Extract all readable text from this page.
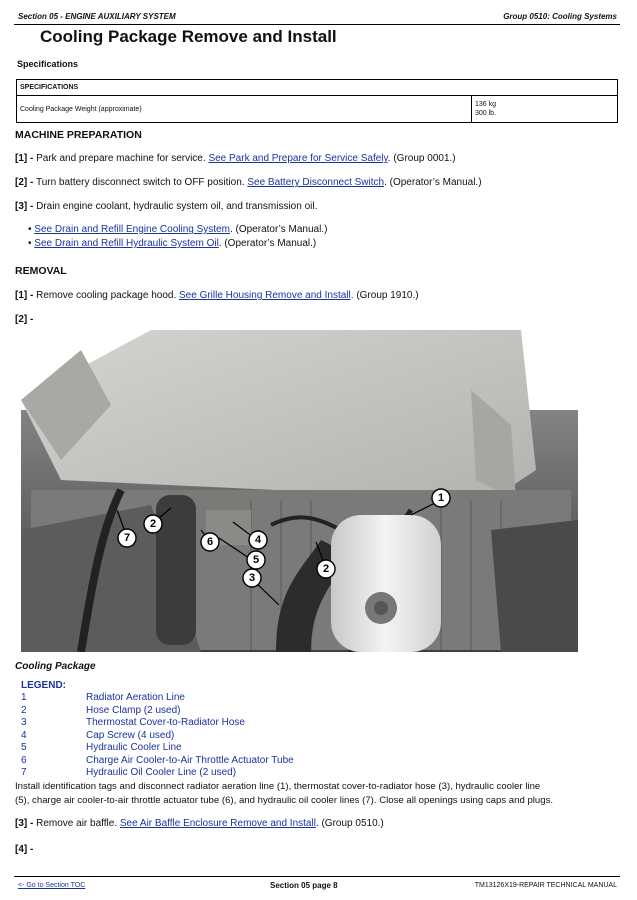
Section 05 - ENGINE AUXILIARY SYSTEM	Group 0510: Cooling Systems
Cooling Package Remove and Install
Specifications
SPECIFICATIONS
Cooling Package Weight (approximate)	
136 kg
300 lb.
MACHINE PREPARATION
[1] - Park and prepare machine for service. See Park and Prepare for Service Safely. (Group 0001.)
[2] - Turn battery disconnect switch to OFF position. See Battery Disconnect Switch. (Operator’s Manual.)
[3] - Drain engine coolant, hydraulic system oil, and transmission oil.
• See Drain and Refill Engine Cooling System. (Operator’s Manual.)
• See Drain and Refill Hydraulic System Oil. (Operator’s Manual.)
REMOVAL
[1] - Remove cooling package hood. See Grille Housing Remove and Install. (Group 1910.)
[2] -
1
2
2
3
4
5
6
7
Cooling Package
LEGEND:
1	Radiator Aeration Line
2	Hose Clamp (2 used)
3	Thermostat Cover-to-Radiator Hose
4	Cap Screw (4 used)
5	Hydraulic Cooler Line
6	Charge Air Cooler-to-Air Throttle Actuator Tube
7	Hydraulic Oil Cooler Line (2 used)
Install identification tags and disconnect radiator aeration line (1), thermostat cover-to-radiator hose (3), hydraulic cooler line
(5), charge air cooler-to-air throttle actuator tube (6), and hydraulic oil cooler lines (7). Close all openings using caps and plugs.
[3] - Remove air baffle. See Air Baffle Enclosure Remove and Install. (Group 0510.)
[4] -
<- Go to Section TOC	Section 05 page 8	TM13126X19-REPAIR TECHNICAL MANUAL
